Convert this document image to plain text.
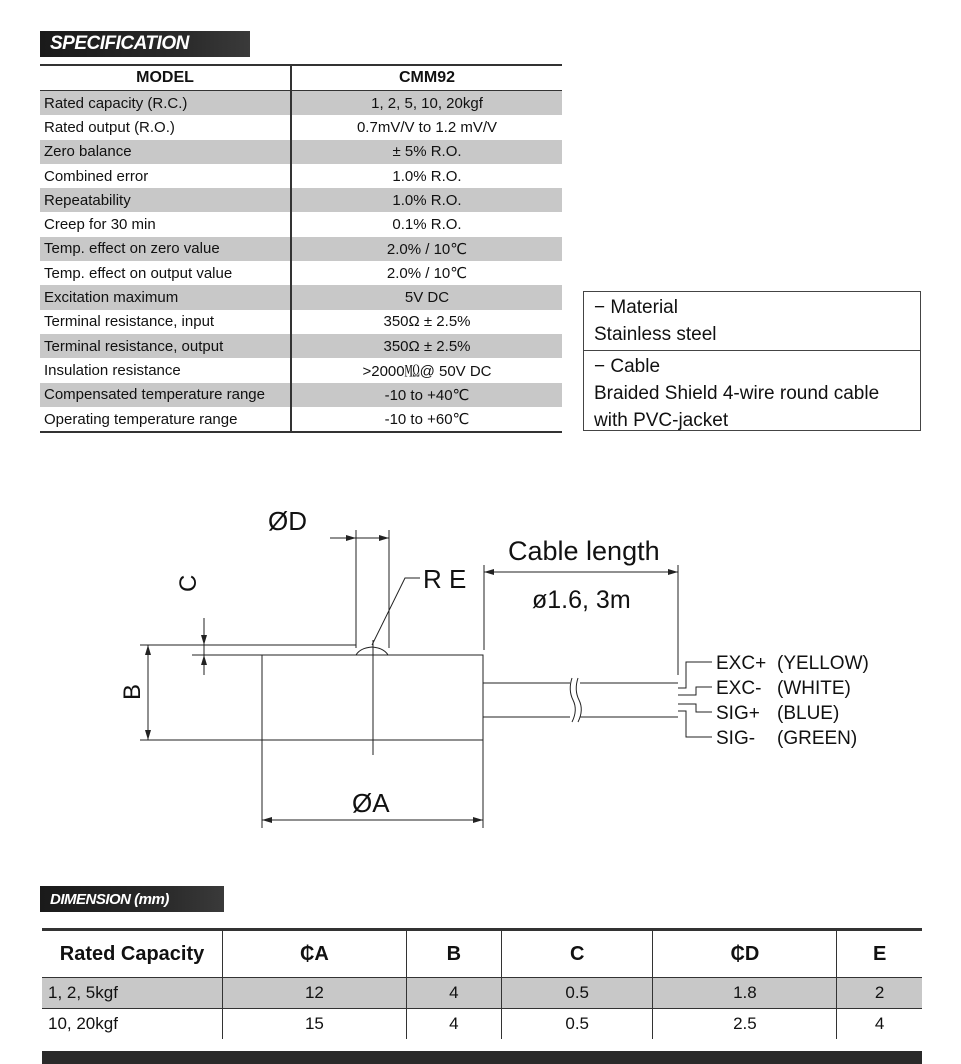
SPECIFICATION
MODEL	CMM92
Rated capacity (R.C.)	1, 2, 5, 10, 20kgf
Rated output (R.O.)	0.7mV/V to 1.2 mV/V
Zero balance	± 5% R.O.
Combined error	1.0% R.O.
Repeatability	1.0% R.O.
Creep for 30 min	0.1% R.O.
Temp. effect on zero value	2.0% / 10℃
Temp. effect on output value	2.0% / 10℃
Excitation maximum	5V DC
Terminal resistance, input	350Ω ± 2.5%
Terminal resistance, output	350Ω ± 2.5%
Insulation resistance	>2000㏁@ 50V DC
Compensated temperature range	-10 to +40℃
Operating temperature range	-10 to +60℃
− Material
Stainless steel
− Cable
Braided Shield 4-wire round cable
with PVC-jacket
ØD
C
B
ØA
R E
Cable length
ø1.6, 3m
EXC+ (YELLOW)
EXC- (WHITE)
SIG+ (BLUE)
SIG- (GREEN)
DIMENSION (mm)
Rated Capacity	₵A	B	C	₵D	E
1, 2, 5kgf	12	4	0.5	1.8	2
10, 20kgf	15	4	0.5	2.5	4
